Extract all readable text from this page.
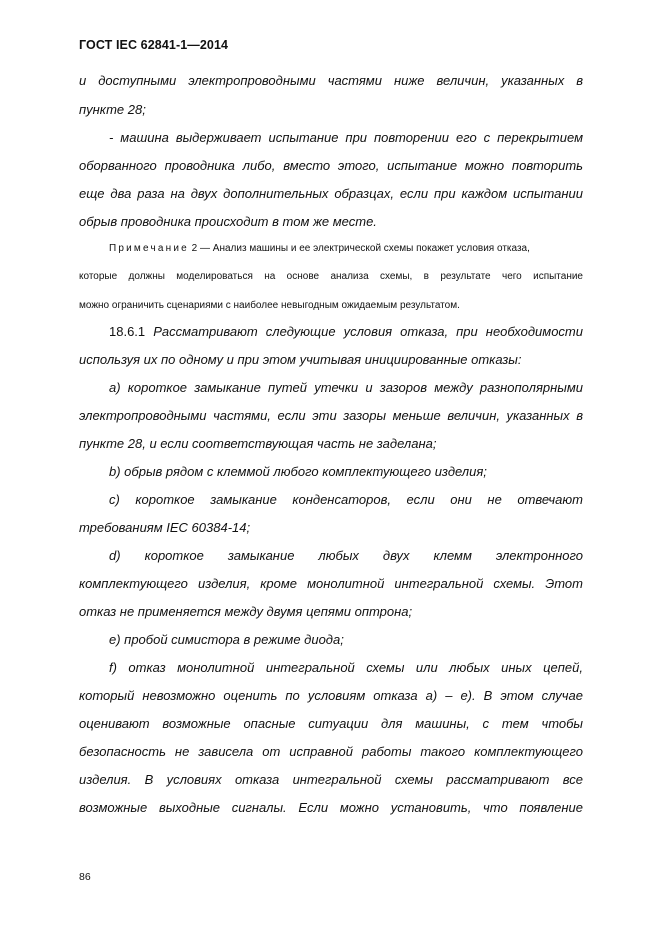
ГОСТ IEC 62841-1—2014
и доступными электропроводными частями ниже величин, указанных в
пункте 28;
- машина выдерживает испытание при повторении его с перекрытием
оборванного проводника либо, вместо этого, испытание можно повторить
еще два раза на двух дополнительных образцах, если при каждом испытании
обрыв проводника происходит в том же месте.
Примечание 2 — Анализ машины и ее электрической схемы покажет условия отказа,
которые должны моделироваться на основе анализа схемы, в результате чего испытание
можно ограничить сценариями с наиболее невыгодным ожидаемым результатом.
18.6.1 Рассматривают следующие условия отказа, при необходимости
используя их по одному и при этом учитывая инициированные отказы:
a) короткое замыкание путей утечки и зазоров между разнополярными
электропроводными частями, если эти зазоры меньше величин, указанных в
пункте 28, и если соответствующая часть не заделана;
b) обрыв рядом с клеммой любого комплектующего изделия;
c) короткое замыкание конденсаторов, если они не отвечают
требованиям IEC 60384-14;
d) короткое замыкание любых двух клемм электронного
комплектующего изделия, кроме монолитной интегральной схемы. Этот
отказ не применяется между двумя цепями оптрона;
e) пробой симистора в режиме диода;
f) отказ монолитной интегральной схемы или любых иных цепей,
который невозможно оценить по условиям отказа a) – e). В этом случае
оценивают возможные опасные ситуации для машины, с тем чтобы
безопасность не зависела от исправной работы такого комплектующего
изделия. В условиях отказа интегральной схемы рассматривают все
возможные выходные сигналы. Если можно установить, что появление
86
